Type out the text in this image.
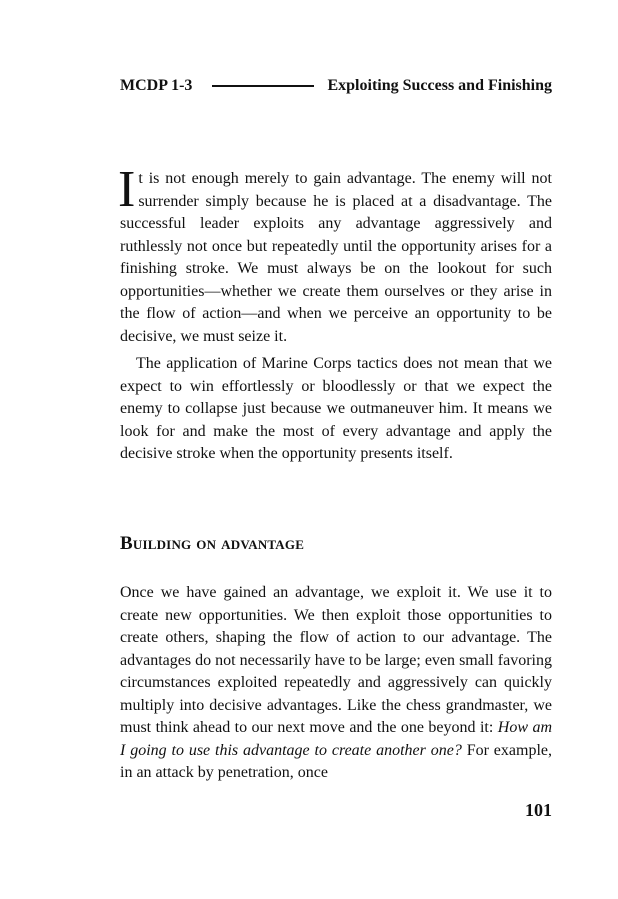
MCDP 1-3	Exploiting Success and Finishing

It is not enough merely to gain advantage. The enemy will not surrender simply because he is placed at a disadvantage. The successful leader exploits any advantage aggressively and ruthlessly not once but repeatedly until the opportunity arises for a finishing stroke. We must always be on the lookout for such opportunities—whether we create them ourselves or they arise in the flow of action—and when we perceive an opportunity to be decisive, we must seize it.

The application of Marine Corps tactics does not mean that we expect to win effortlessly or bloodlessly or that we expect the enemy to collapse just because we outmaneuver him. It means we look for and make the most of every advantage and apply the decisive stroke when the opportunity presents itself.

Building on advantage

Once we have gained an advantage, we exploit it. We use it to create new opportunities. We then exploit those opportunities to create others, shaping the flow of action to our advantage. The advantages do not necessarily have to be large; even small favoring circumstances exploited repeatedly and aggressively can quickly multiply into decisive advantages. Like the chess grandmaster, we must think ahead to our next move and the one beyond it: How am I going to use this advantage to create another one? For example, in an attack by penetration, once

101
